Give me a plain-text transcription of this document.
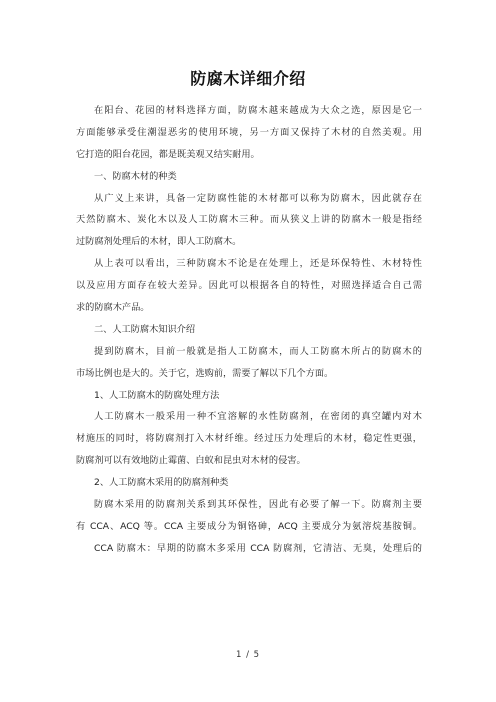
防腐木详细介绍
在阳台、花园的材料选择方面，防腐木越来越成为大众之选，原因是它一
方面能够承受住潮湿恶劣的使用环境，另一方面又保持了木材的自然美观。用
它打造的阳台花园，都是既美观又结实耐用。
一、防腐木材的种类
从广义上来讲，具备一定防腐性能的木材都可以称为防腐木，因此就存在
天然防腐木、炭化木以及人工防腐木三种。而从狭义上讲的防腐木一般是指经
过防腐剂处理后的木材，即人工防腐木。
从上表可以看出，三种防腐木不论是在处理上，还是环保特性、木材特性
以及应用方面存在较大差异。因此可以根据各自的特性，对照选择适合自己需
求的防腐木产品。
二、人工防腐木知识介绍
提到防腐木，目前一般就是指人工防腐木，而人工防腐木所占的防腐木的
市场比例也是大的。关于它，选购前，需要了解以下几个方面。
1、人工防腐木的防腐处理方法
人工防腐木一般采用一种不宜溶解的水性防腐剂，在密闭的真空罐内对木
材施压的同时，将防腐剂打入木材纤维。经过压力处理后的木材，稳定性更强，
防腐剂可以有效地防止霉菌、白蚁和昆虫对木材的侵害。
2、人工防腐木采用的防腐剂种类
防腐木采用的防腐剂关系到其环保性，因此有必要了解一下。防腐剂主要
有 CCA、ACQ 等。CCA 主要成分为铜铬砷，ACQ 主要成分为氨溶烷基胺铜。
CCA 防腐木：早期的防腐木多采用 CCA 防腐剂，它清洁、无臭，处理后的
1 / 5
